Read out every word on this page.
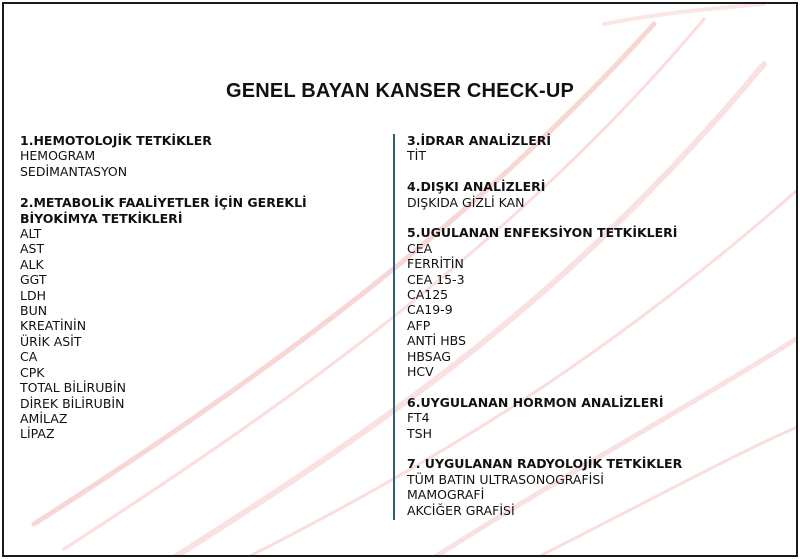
GENEL BAYAN KANSER CHECK-UP
1.HEMOTOLOJİK TETKİKLER
HEMOGRAM
SEDİMANTASYON
2.METABOLİK FAALİYETLER İÇİN GEREKLİ BİYOKİMYA TETKİKLERİ
ALT
AST
ALK
GGT
LDH
BUN
KREATİNİN
ÜRİK ASİT
CA
CPK
TOTAL BİLİRUBİN
DİREK BİLİRUBİN
AMİLAZ
LİPAZ
3.İDRAR ANALİZLERİ
TİT
4.DIŞKI ANALİZLERİ
DIŞKIDA GİZLİ KAN
5.UGULANAN ENFEKSİYON TETKİKLERİ
CEA
FERRİTİN
CEA 15-3
CA125
CA19-9
AFP
ANTİ HBS
HBSAG
HCV
6.UYGULANAN HORMON ANALİZLERİ
FT4
TSH
7. UYGULANAN RADYOLOJİK TETKİKLER
TÜM BATIN ULTRASONOGRAFİSİ
MAMOGRAFİ
AKCİĞER GRAFİSİ
